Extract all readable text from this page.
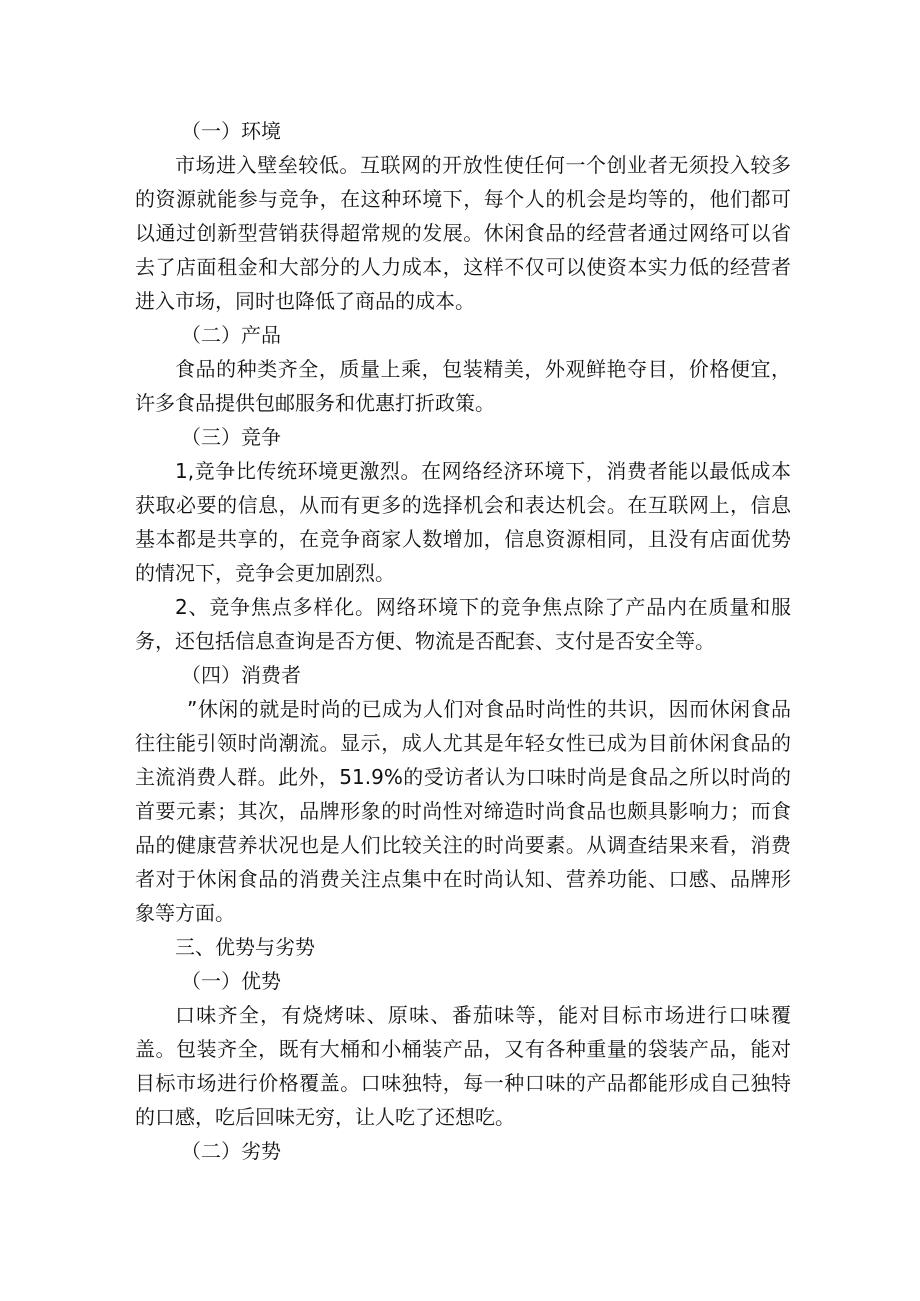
（一）环境
市场进入壁垒较低。互联网的开放性使任何一个创业者无须投入较多的资源就能参与竞争，在这种环境下，每个人的机会是均等的，他们都可以通过创新型营销获得超常规的发展。休闲食品的经营者通过网络可以省去了店面租金和大部分的人力成本，这样不仅可以使资本实力低的经营者进入市场，同时也降低了商品的成本。
（二）产品
食品的种类齐全，质量上乘，包装精美，外观鲜艳夺目，价格便宜，许多食品提供包邮服务和优惠打折政策。
（三）竞争
1,竞争比传统环境更激烈。在网络经济环境下，消费者能以最低成本获取必要的信息，从而有更多的选择机会和表达机会。在互联网上，信息基本都是共享的，在竞争商家人数增加，信息资源相同，且没有店面优势的情况下，竞争会更加剧烈。
2、竞争焦点多样化。网络环境下的竞争焦点除了产品内在质量和服务，还包括信息查询是否方便、物流是否配套、支付是否安全等。
（四）消费者
”休闲的就是时尚的已成为人们对食品时尚性的共识，因而休闲食品往往能引领时尚潮流。显示，成人尤其是年轻女性已成为目前休闲食品的主流消费人群。此外，51.9%的受访者认为口味时尚是食品之所以时尚的首要元素；其次，品牌形象的时尚性对缔造时尚食品也颇具影响力；而食品的健康营养状况也是人们比较关注的时尚要素。从调查结果来看，消费者对于休闲食品的消费关注点集中在时尚认知、营养功能、口感、品牌形象等方面。
三、优势与劣势
（一）优势
口味齐全，有烧烤味、原味、番茄味等，能对目标市场进行口味覆盖。包装齐全，既有大桶和小桶装产品，又有各种重量的袋装产品，能对目标市场进行价格覆盖。口味独特，每一种口味的产品都能形成自己独特的口感，吃后回味无穷，让人吃了还想吃。
（二）劣势
